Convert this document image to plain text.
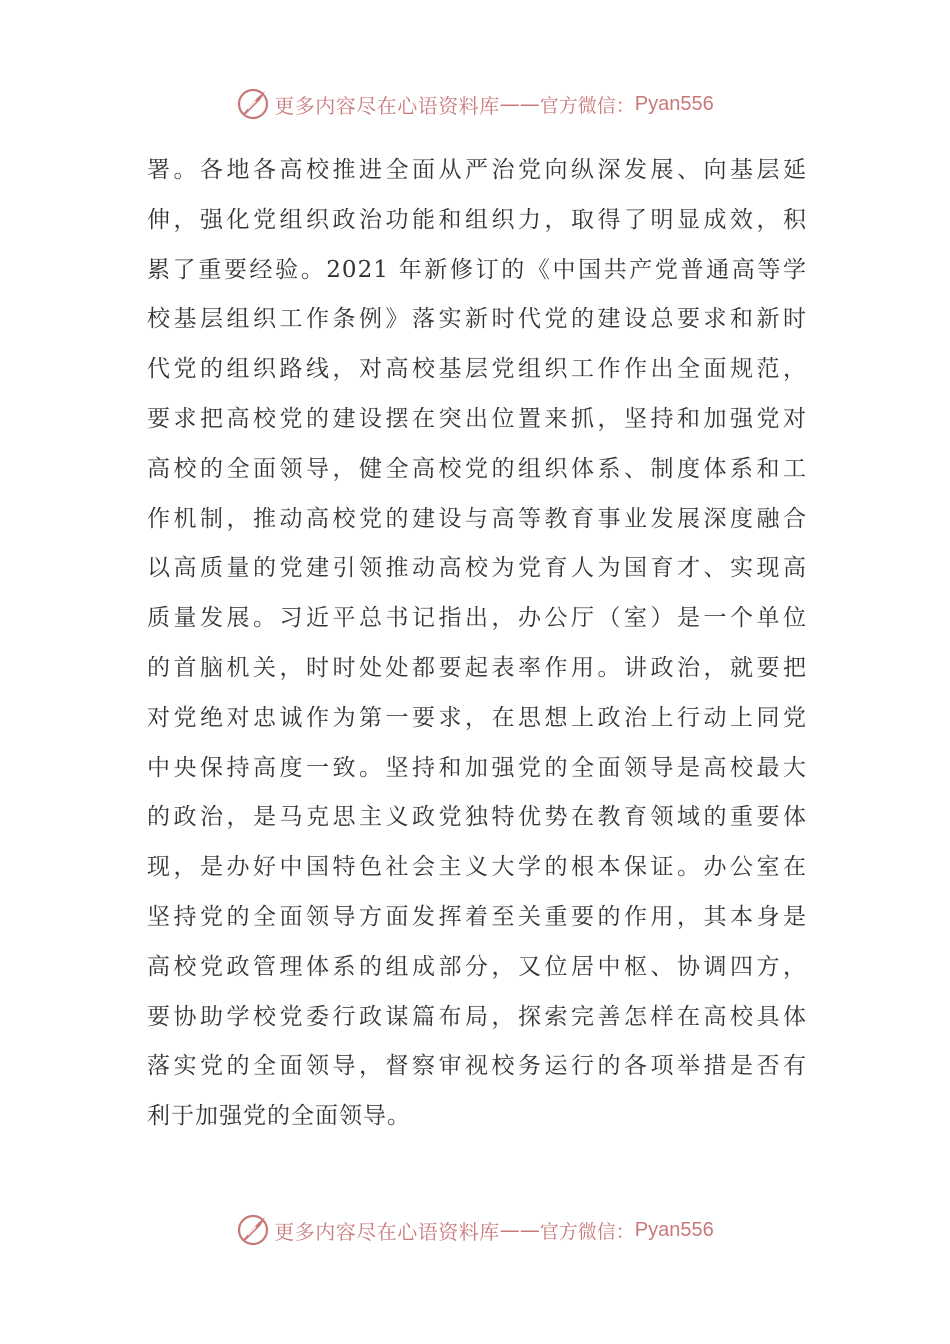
更多内容尽在心语资料库 —— 官方微信： Pyan556
署。各地各高校推进全面从严治党向纵深发展、向基层延
伸，强化党组织政治功能和组织力，取得了明显成效，积
累了重要经验。2021 年新修订的《中国共产党普通高等学
校基层组织工作条例》落实新时代党的建设总要求和新时
代党的组织路线，对高校基层党组织工作作出全面规范，
要求把高校党的建设摆在突出位置来抓，坚持和加强党对
高校的全面领导，健全高校党的组织体系、制度体系和工
作机制，推动高校党的建设与高等教育事业发展深度融合
以高质量的党建引领推动高校为党育人为国育才、实现高
质量发展。习近平总书记指出，办公厅（室）是一个单位
的首脑机关，时时处处都要起表率作用。讲政治，就要把
对党绝对忠诚作为第一要求，在思想上政治上行动上同党
中央保持高度一致。坚持和加强党的全面领导是高校最大
的政治，是马克思主义政党独特优势在教育领域的重要体
现，是办好中国特色社会主义大学的根本保证。办公室在
坚持党的全面领导方面发挥着至关重要的作用，其本身是
高校党政管理体系的组成部分，又位居中枢、协调四方，
要协助学校党委行政谋篇布局，探索完善怎样在高校具体
落实党的全面领导，督察审视校务运行的各项举措是否有
利于加强党的全面领导。
更多内容尽在心语资料库 —— 官方微信： Pyan556
